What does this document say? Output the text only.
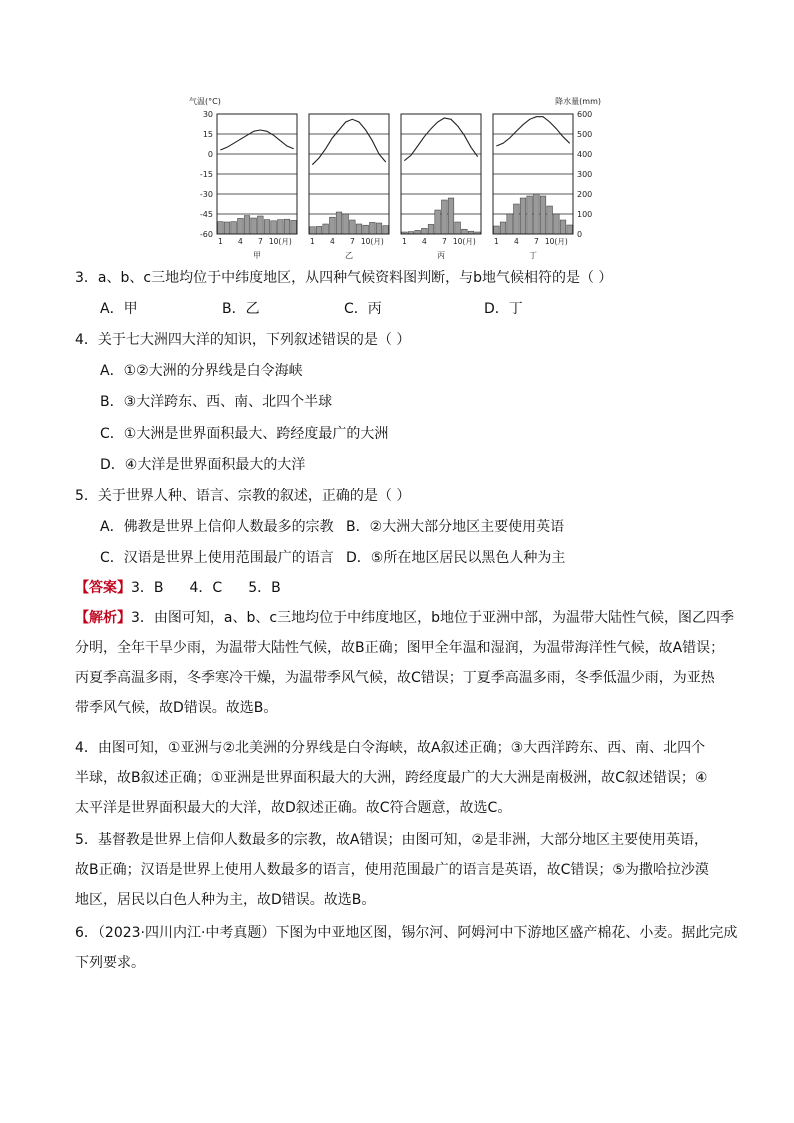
气温(°C)	降水量(mm)
30
15
0
-15
-30
-45
-60
600
500
400
300
200
100
0
1 4 7 10(月)
甲
1 4 7 10(月)
乙
1 4 7 10(月)
丙
1 4 7 10(月)
丁
3．a、b、c三地均位于中纬度地区，从四种气候资料图判断，与b地气候相符的是（ ）
A．甲	B．乙	C．丙	D．丁
4．关于七大洲四大洋的知识，下列叙述错误的是（ ）
A．①②大洲的分界线是白令海峡
B．③大洋跨东、西、南、北四个半球
C．①大洲是世界面积最大、跨经度最广的大洲
D．④大洋是世界面积最大的大洋
5．关于世界人种、语言、宗教的叙述，正确的是（ ）
A．佛教是世界上信仰人数最多的宗教 B．②大洲大部分地区主要使用英语
C．汉语是世界上使用范围最广的语言 D．⑤所在地区居民以黑色人种为主
【答案】3．B 4．C 5．B
【解析】3．由图可知，a、b、c三地均位于中纬度地区，b地位于亚洲中部，为温带大陆性气候，图乙四季
分明，全年干旱少雨，为温带大陆性气候，故B正确；图甲全年温和湿润，为温带海洋性气候，故A错误；
丙夏季高温多雨，冬季寒冷干燥，为温带季风气候，故C错误；丁夏季高温多雨，冬季低温少雨，为亚热
带季风气候，故D错误。故选B。
4．由图可知，①亚洲与②北美洲的分界线是白令海峡，故A叙述正确；③大西洋跨东、西、南、北四个
半球，故B叙述正确；①亚洲是世界面积最大的大洲，跨经度最广的大大洲是南极洲，故C叙述错误；④
太平洋是世界面积最大的大洋，故D叙述正确。故C符合题意，故选C。
5．基督教是世界上信仰人数最多的宗教，故A错误；由图可知，②是非洲，大部分地区主要使用英语，
故B正确；汉语是世界上使用人数最多的语言，使用范围最广的语言是英语，故C错误；⑤为撒哈拉沙漠
地区，居民以白色人种为主，故D错误。故选B。
6．（2023·四川内江·中考真题）下图为中亚地区图，锡尔河、阿姆河中下游地区盛产棉花、小麦。据此完成
下列要求。
